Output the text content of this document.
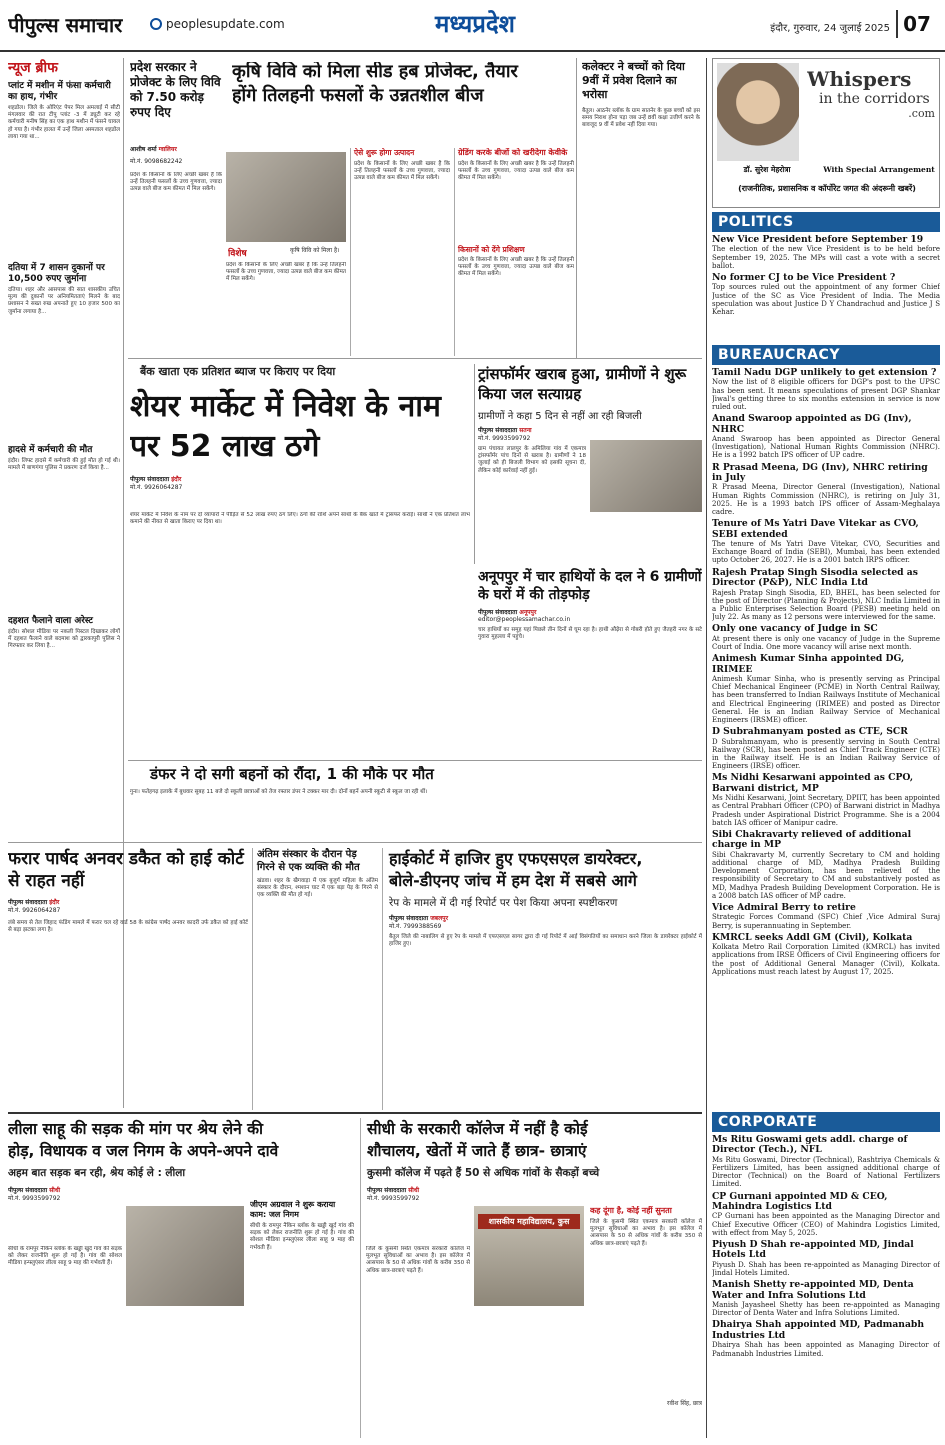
पीपुल्स समाचार	peoplesupdate.com	मध्यप्रदेश	इंदौर, गुरुवार, 24 जुलाई 2025 07
न्यूज ब्रीफ
प्लांट में मशीन में फंसा कर्मचारी का हाथ, गंभीर
शहडोल। जिले के ओरिएंट पेपर मिल अमलाई में सीटी मंगलवार की रात टीपू प्लांट -3 में ड्यूटी कर रहे कर्मचारी मनीष सिंह का एक हाथ मशीन में फंसने घायल हो गया है। गंभीर हालत में उन्हें जिला अस्पताल शहडोल लाया गया था...
दतिया में 7 शासन दुकानों पर 10,500 रुपए जुर्माना
दतिया। शहर और आसपास की सात शासकीय उचित मूल्य की दुकानों पर अनियमितताएं मिलने के बाद प्रशासन ने सख्त रुख अपनाते हुए 10 हजार 500 का जुर्माना लगाया है...
हादसे में कर्मचारी की मौत
इंदौर। लिफ्ट हादसे में कर्मचारी की हुई मौत हो गई थी। मामले में बाणगंगा पुलिस ने प्रकरण दर्ज किया है...
दहशत फैलाने वाला अरेस्ट
इंदौर। सोशल मीडिया पर नकली पिस्टल दिखाकर लोगों में दहशत फैलाने वाले बदमाश को द्वारकापुरी पुलिस ने गिरफ्तार कर लिया है...
प्रदेश सरकार ने प्रोजेक्ट के लिए विवि को 7.50 करोड़ रुपए दिए
कृषि विवि को मिला सीड हब प्रोजेक्ट, तैयार
होंगे तिलहनी फसलों के उन्नतशील बीज
आशीष शर्मा ग्वालियर
मो.नं. 9098682242
प्रदेश के किसानों के लिए अच्छी खबर है कि उन्हें तिलहनी फसलों के उच्च गुणवत्ता, ज्यादा उत्पन्न वाले बीज कम कीमत में मिल सकेंगे।
विशेष	कृषि विवि को मिला है।
प्रदेश के किसानों के लिए अच्छी खबर है कि उन्हें तिलहनी फसलों के उच्च गुणवत्ता, ज्यादा उत्पन्न वाले बीज कम कीमत में मिल सकेंगे।
ऐसे शुरू होगा उत्पादन
प्रदेश के किसानों के लिए अच्छी खबर है कि उन्हें तिलहनी फसलों के उच्च गुणवत्ता, ज्यादा उत्पन्न वाले बीज कम कीमत में मिल सकेंगे।
ग्रेडिंग करके बीजों को खरीदेगा केवीके
प्रदेश के किसानों के लिए अच्छी खबर है कि उन्हें तिलहनी फसलों के उच्च गुणवत्ता, ज्यादा उत्पन्न वाले बीज कम कीमत में मिल सकेंगे।
किसानों को देंगे प्रशिक्षण
प्रदेश के किसानों के लिए अच्छी खबर है कि उन्हें तिलहनी फसलों के उच्च गुणवत्ता, ज्यादा उत्पन्न वाले बीज कम कीमत में मिल सकेंगे।
कलेक्टर ने बच्चों को दिया 9वीं में प्रवेश दिलाने का भरोसा
बैतूल। आठनेर ब्लॉक के ग्राम सातनेर के कुछ बच्चों को इस समय निराश होना पड़ा जब उन्हें 8वीं कक्षा उत्तीर्ण करने के बावजूद 9 वीं में प्रवेश नहीं दिया गया।
बैंक खाता एक प्रतिशत ब्याज पर किराए पर दिया
शेयर मार्केट में निवेश के नाम पर 52 लाख ठगे
पीपुल्स संवाददाता इंदौर
मो.नं. 9926064287
शेयर मार्केट में निवेश के नाम पर दो व्यापारों ने पीड़ित से 52 लाख रुपए ठग लिए। ठगों की राशि अपने साथी के बैंक खाते में ट्रांसफर कराई। साथी ने एक प्रतिशत लाभ कमाने की नीयत से खाता किराए पर दिया था।
ट्रांसफॉर्मर खराब हुआ, ग्रामीणों ने शुरू किया जल सत्याग्रह
ग्रामीणों ने कहा 5 दिन से नहीं आ रही बिजली
पीपुल्स संवाददाता सतना
मो.नं. 9993599792
ग्राम पंचायत लालपुर के अमिलिया गांव में एकमात्र ट्रांसफॉर्मर पांच दिनों से खराब है। ग्रामीणों ने 18 जुलाई को ही बिजली विभाग को इसकी सूचना दी, लेकिन कोई कार्रवाई नहीं हुई।
अनूपपुर में चार हाथियों के दल ने 6 ग्रामीणों के घरों में की तोड़फोड़
पीपुल्स संवाददाता अनूपपुर
editor@peoplessamachar.co.in
चार हाथियों का समूह यहां पिछले तीन दिनों से घूम रहा है। हाथी औढ़ेरा से गोबरी होते हुए जैतहरी नगर के सटे गुवारा मुहल्ला में पहुंचे।
डंफर ने दो सगी बहनों को रौंदा, 1 की मौके पर मौत
गुना। फतेहगढ़ इलाके में बुधवार सुबह 11 बजे दो स्कूली छात्राओं को तेज रफ्तार डंपर ने टक्कर मार दी। दोनों बहनें अपनी स्कूटी से स्कूल जा रही थीं।
फरार पार्षद अनवर डकैत को हाई कोर्ट से राहत नहीं
पीपुल्स संवाददाता इंदौर
मो.नं. 9926064287
लंबे समय से तेल जिहाद फंडिंग मामले में फरार चल रहे वार्ड 58 के कांग्रेस पार्षद अनवर कादरी उर्फ डकैत को हाई कोर्ट से बड़ा झटका लगा है।
अंतिम संस्कार के दौरान पेड़ गिरने से एक व्यक्ति की मौत
खंडवा। शहर के खैगवाड़ा में एक बुजुर्ग महिला के अंतिम संस्कार के दौरान, श्मशान घाट में एक बड़ा पेड़ के गिरने से एक व्यक्ति की मौत हो गई।
हाईकोर्ट में हाजिर हुए एफएसएल डायरेक्टर,
बोले-डीएनए जांच में हम देश में सबसे आगे
रेप के मामले में दी गई रिपोर्ट पर पेश किया अपना स्पष्टीकरण
पीपुल्स संवाददाता जबलपुर
मो.नं. 7999388569
बैतूल जिले की नाबालिग से हुए रेप के मामले में एफएसएल सागर द्वारा दी गई रिपोर्ट में आई विसंगतियों का समाधान करने जिला के डायरेक्टर हाईकोर्ट में हाजिर हुए।
लीला साहू की सड़क की मांग पर श्रेय लेने की
होड़, विधायक व जल निगम के अपने-अपने दावे
अहम बात सड़क बन रही, श्रेय कोई ले : लीला
पीपुल्स संवाददाता सीधी
मो.नं. 9993599792
सीधी के रामपुर नैकिन ब्लॉक के खड्डी खुर्द गांव की सड़क को लेकर राजनीति शुरू हो गई है। गांव की सोशल मीडिया इन्फ्लुएंसर लीला साहू 9 माह की गर्भवती हैं।
जीएम अग्रवाल ने शुरू कराया काम: जल निगम
सीधी के रामपुर नैकिन ब्लॉक के खड्डी खुर्द गांव की सड़क को लेकर राजनीति शुरू हो गई है। गांव की सोशल मीडिया इन्फ्लुएंसर लीला साहू 9 माह की गर्भवती हैं।
सीधी के सरकारी कॉलेज में नहीं है कोई
शौचालय, खेतों में जाते हैं छात्र- छात्राएं
कुसमी कॉलेज में पढ़ते हैं 50 से अधिक गांवों के सैकड़ों बच्चे
पीपुल्स संवाददाता सीधी
मो.नं. 9993599792
जिले के कुसमी स्थित एकमात्र सरकारी कॉलेज में मूलभूत सुविधाओं का अभाव है। इस कॉलेज में आसपास के 50 से अधिक गांवों के करीब 350 से अधिक छात्र-छात्राएं पढ़ते हैं।
शासकीय महाविद्यालय, कुस
कह दूंगा है, कोई नहीं सुनता
जिले के कुसमी स्थित एकमात्र सरकारी कॉलेज में मूलभूत सुविधाओं का अभाव है। इस कॉलेज में आसपास के 50 से अधिक गांवों के करीब 350 से अधिक छात्र-छात्राएं पढ़ते हैं।
रवीश सिंह, छात्र
Whispers
in the corridors
.com
डॉ. सुरेश मेहरोत्रा	With Special Arrangement
(राजनीतिक, प्रशासनिक व कॉर्पोरेट जगत की अंदरूनी खबरें)
POLITICS
New Vice President before September 19
The election of the new Vice President is to be held before September 19, 2025. The MPs will cast a vote with a secret ballot.
No former CJ to be Vice President ?
Top sources ruled out the appointment of any former Chief Justice of the SC as Vice President of India. The Media speculation was about Justice D Y Chandrachud and Justice J S Kehar.
BUREAUCRACY
Tamil Nadu DGP unlikely to get extension ?
Now the list of 8 eligible officers for DGP's post to the UPSC has been sent. It means speculations of present DGP Shankar Jiwal's getting three to six months extension in service is now ruled out.
Anand Swaroop appointed as DG (Inv), NHRC
Anand Swaroop has been appointed as Director General (Investigation), National Human Rights Commission (NHRC). He is a 1992 batch IPS officer of UP cadre.
R Prasad Meena, DG (Inv), NHRC retiring in July
R Prasad Meena, Director General (Investigation), National Human Rights Commission (NHRC), is retiring on July 31, 2025. He is a 1993 batch IPS officer of Assam-Meghalaya cadre.
Tenure of Ms Yatri Dave Vitekar as CVO, SEBI extended
The tenure of Ms Yatri Dave Vitekar, CVO, Securities and Exchange Board of India (SEBI), Mumbai, has been extended upto October 26, 2027. He is a 2001 batch IRPS officer.
Rajesh Pratap Singh Sisodia selected as Director (P&P), NLC India Ltd
Rajesh Pratap Singh Sisodia, ED, BHEL, has been selected for the post of Director (Planning & Projects), NLC India Limited in a Public Enterprises Selection Board (PESB) meeting held on July 22. As many as 12 persons were interviewed for the same.
Only one vacancy of Judge in SC
At present there is only one vacancy of Judge in the Supreme Court of India. One more vacancy will arise next month.
Animesh Kumar Sinha appointed DG, IRIMEE
Animesh Kumar Sinha, who is presently serving as Principal Chief Mechanical Engineer (PCME) in North Central Railway, has been transferred to Indian Railways Institute of Mechanical and Electrical Engineering (IRIMEE) and posted as Director General. He is an Indian Railway Service of Mechanical Engineers (IRSME) officer.
D Subrahmanyam posted as CTE, SCR
D Subrahmanyam, who is presently serving in South Central Railway (SCR), has been posted as Chief Track Engineer (CTE) in the Railway itself. He is an Indian Railway Service of Engineers (IRSE) officer.
Ms Nidhi Kesarwani appointed as CPO, Barwani district, MP
Ms Nidhi Kesarwani, Joint Secretary, DPIIT, has been appointed as Central Prabhari Officer (CPO) of Barwani district in Madhya Pradesh under Aspirational District Programme. She is a 2004 batch IAS officer of Manipur cadre.
Sibi Chakravarty relieved of additional charge in MP
Sibi Chakravarty M, currently Secretary to CM and holding additional charge of MD, Madhya Pradesh Building Development Corporation, has been relieved of the responsibility of Secretary to CM and substantively posted as MD, Madhya Pradesh Building Development Corporation. He is a 2008 batch IAS officer of MP cadre.
Vice Admiral Berry to retire
Strategic Forces Command (SFC) Chief ,Vice Admiral Suraj Berry, is superannuating in September.
KMRCL seeks Addl GM (Civil), Kolkata
Kolkata Metro Rail Corporation Limited (KMRCL) has invited applications from IRSE Officers of Civil Engineering officers for the post of Additional General Manager (Civil), Kolkata. Applications must reach latest by August 17, 2025.
CORPORATE
Ms Ritu Goswami gets addl. charge of Director (Tech.), NFL
Ms Ritu Goswami, Director (Technical), Rashtriya Chemicals & Fertilizers Limited, has been assigned additional charge of Director (Technical) on the Board of National Fertilizers Limited.
CP Gurnani appointed MD & CEO, Mahindra Logistics Ltd
CP Gurnani has been appointed as the Managing Director and Chief Executive Officer (CEO) of Mahindra Logistics Limited, with effect from May 5, 2025.
Piyush D Shah re-appointed MD, Jindal Hotels Ltd
Piyush D. Shah has been re-appointed as Managing Director of Jindal Hotels Limited.
Manish Shetty re-appointed MD, Denta Water and Infra Solutions Ltd
Manish Jayasheel Shetty has been re-appointed as Managing Director of Denta Water and Infra Solutions Limited.
Dhairya Shah appointed MD, Padmanabh Industries Ltd
Dhairya Shah has been appointed as Managing Director of Padmanabh Industries Limited.
